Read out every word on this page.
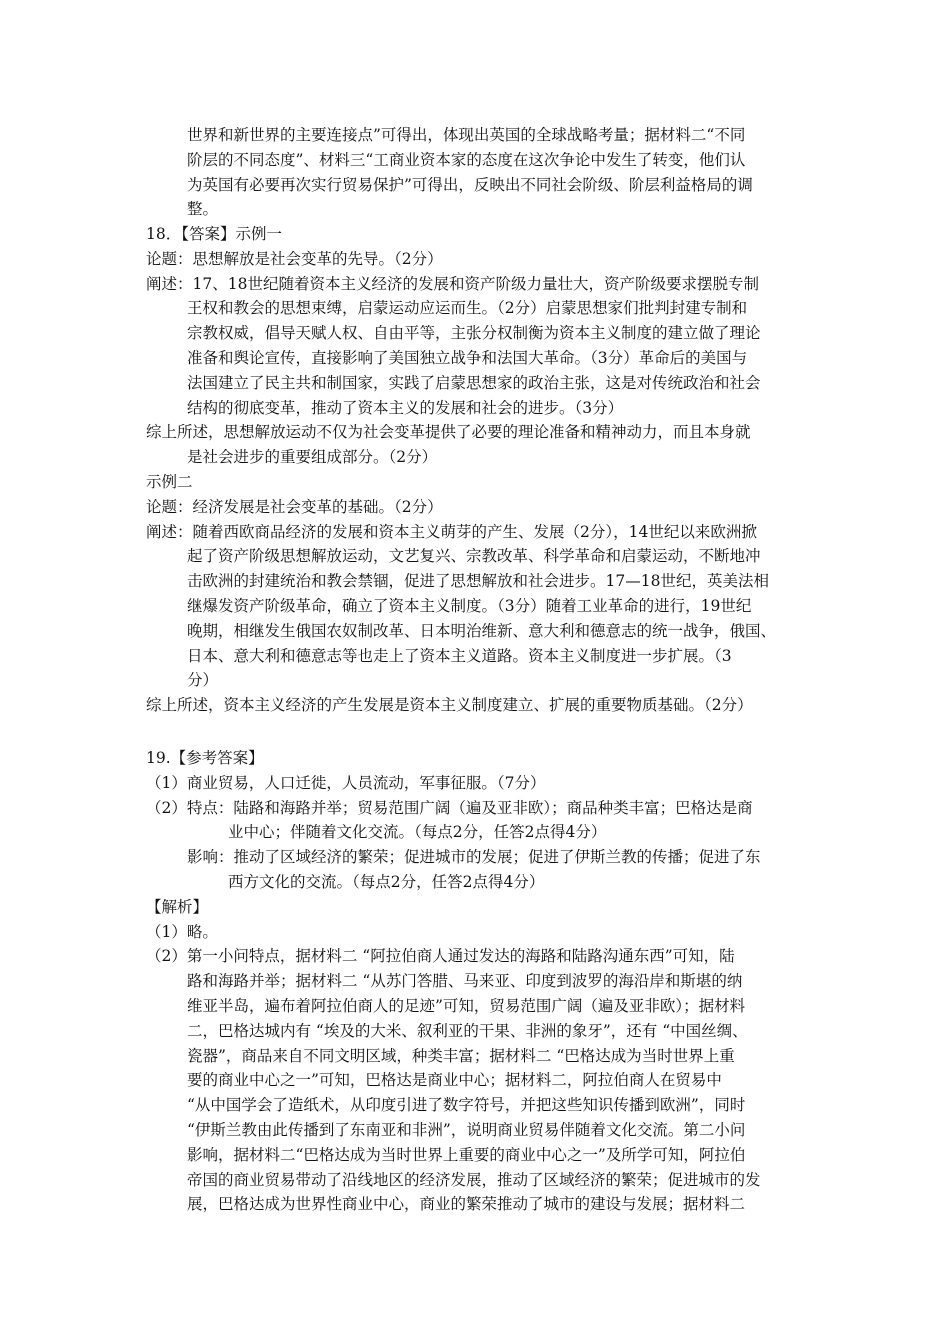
世界和新世界的主要连接点”可得出，体现出英国的全球战略考量；据材料二“不同
阶层的不同态度”、材料三“工商业资本家的态度在这次争论中发生了转变，他们认
为英国有必要再次实行贸易保护”可得出，反映出不同社会阶级、阶层利益格局的调
整。
18．【答案】示例一
论题：思想解放是社会变革的先导。（2分）
阐述：17、18世纪随着资本主义经济的发展和资产阶级力量壮大，资产阶级要求摆脱专制
王权和教会的思想束缚，启蒙运动应运而生。（2分）启蒙思想家们批判封建专制和
宗教权威，倡导天赋人权、自由平等，主张分权制衡为资本主义制度的建立做了理论
准备和舆论宣传，直接影响了美国独立战争和法国大革命。（3分）革命后的美国与
法国建立了民主共和制国家，实践了启蒙思想家的政治主张，这是对传统政治和社会
结构的彻底变革，推动了资本主义的发展和社会的进步。（3分）
综上所述，思想解放运动不仅为社会变革提供了必要的理论准备和精神动力，而且本身就
是社会进步的重要组成部分。（2分）
示例二
论题：经济发展是社会变革的基础。（2分）
阐述：随着西欧商品经济的发展和资本主义萌芽的产生、发展（2分），14世纪以来欧洲掀
起了资产阶级思想解放运动，文艺复兴、宗教改革、科学革命和启蒙运动，不断地冲
击欧洲的封建统治和教会禁锢，促进了思想解放和社会进步。17—18世纪，英美法相
继爆发资产阶级革命，确立了资本主义制度。（3分）随着工业革命的进行，19世纪
晚期，相继发生俄国农奴制改革、日本明治维新、意大利和德意志的统一战争，俄国、
日本、意大利和德意志等也走上了资本主义道路。资本主义制度进一步扩展。（3
分）
综上所述，资本主义经济的产生发展是资本主义制度建立、扩展的重要物质基础。（2分）
19.【参考答案】
（1）商业贸易，人口迁徙，人员流动，军事征服。（7分）
（2）特点：陆路和海路并举；贸易范围广阔（遍及亚非欧）；商品种类丰富；巴格达是商
业中心；伴随着文化交流。（每点2分，任答2点得4分）
影响：推动了区域经济的繁荣；促进城市的发展；促进了伊斯兰教的传播；促进了东
西方文化的交流。（每点2分，任答2点得4分）
【解析】
（1）略。
（2）第一小问特点，据材料二 “阿拉伯商人通过发达的海路和陆路沟通东西”可知，陆
路和海路并举；据材料二 “从苏门答腊、马来亚、印度到波罗的海沿岸和斯堪的纳
维亚半岛，遍布着阿拉伯商人的足迹”可知，贸易范围广阔（遍及亚非欧）；据材料
二，巴格达城内有 “埃及的大米、叙利亚的干果、非洲的象牙”，还有 “中国丝绸、
瓷器”，商品来自不同文明区域，种类丰富；据材料二 “巴格达成为当时世界上重
要的商业中心之一”可知，巴格达是商业中心；据材料二，阿拉伯商人在贸易中
“从中国学会了造纸术，从印度引进了数字符号，并把这些知识传播到欧洲”，同时
“伊斯兰教由此传播到了东南亚和非洲”，说明商业贸易伴随着文化交流。第二小问
影响，据材料二“巴格达成为当时世界上重要的商业中心之一”及所学可知，阿拉伯
帝国的商业贸易带动了沿线地区的经济发展，推动了区域经济的繁荣；促进城市的发
展，巴格达成为世界性商业中心，商业的繁荣推动了城市的建设与发展；据材料二
